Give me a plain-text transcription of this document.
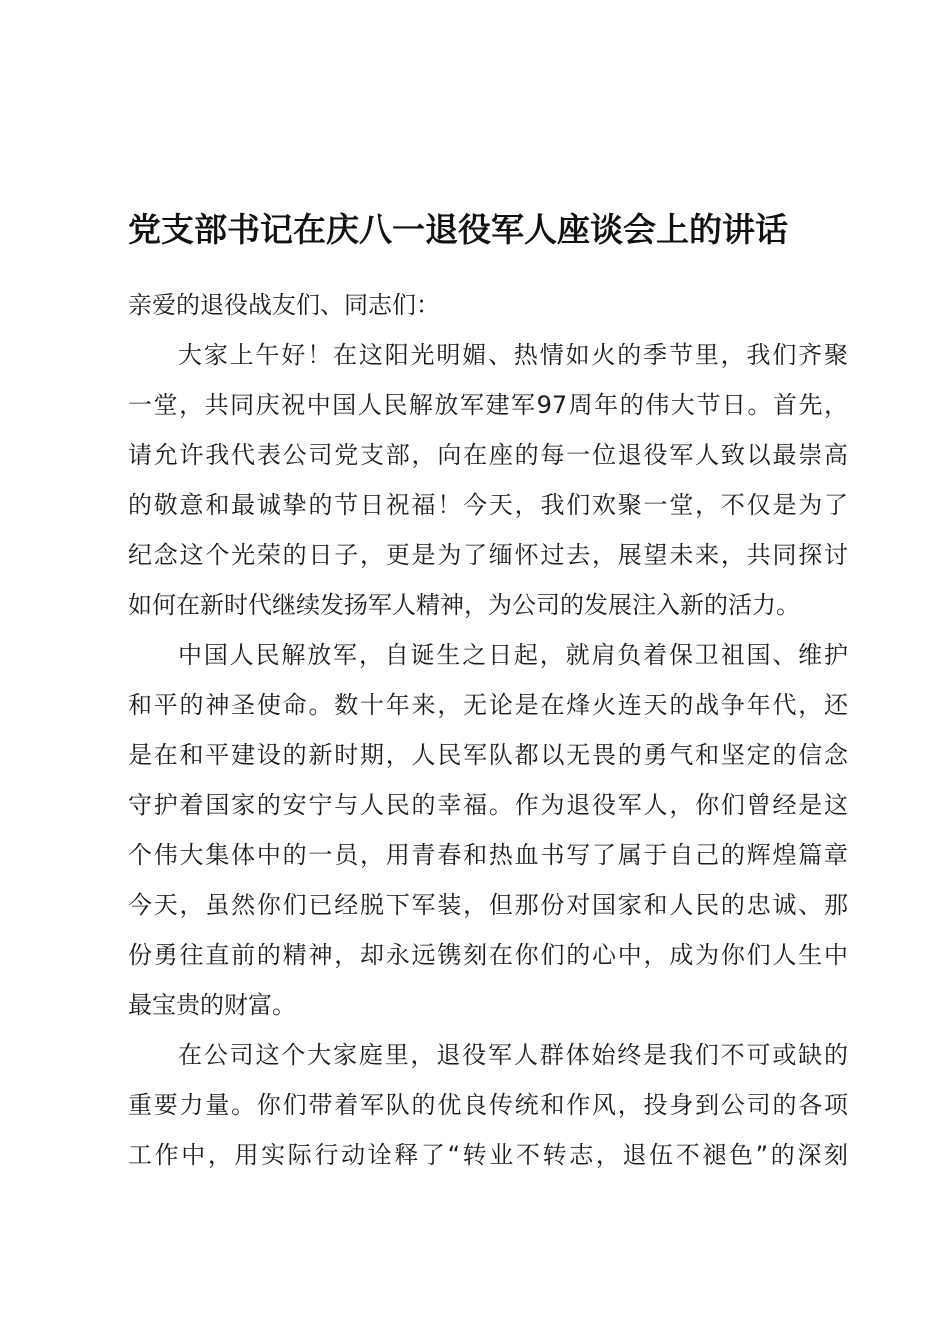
党支部书记在庆八一退役军人座谈会上的讲话
亲爱的退役战友们、同志们：
大家上午好！在这阳光明媚、热情如火的季节里，我们齐聚
一堂，共同庆祝中国人民解放军建军97周年的伟大节日。首先，
请允许我代表公司党支部，向在座的每一位退役军人致以最崇高
的敬意和最诚挚的节日祝福！今天，我们欢聚一堂，不仅是为了
纪念这个光荣的日子，更是为了缅怀过去，展望未来，共同探讨
如何在新时代继续发扬军人精神，为公司的发展注入新的活力。
中国人民解放军，自诞生之日起，就肩负着保卫祖国、维护
和平的神圣使命。数十年来，无论是在烽火连天的战争年代，还
是在和平建设的新时期，人民军队都以无畏的勇气和坚定的信念
守护着国家的安宁与人民的幸福。作为退役军人，你们曾经是这
个伟大集体中的一员，用青春和热血书写了属于自己的辉煌篇章
今天，虽然你们已经脱下军装，但那份对国家和人民的忠诚、那
份勇往直前的精神，却永远镌刻在你们的心中，成为你们人生中
最宝贵的财富。
在公司这个大家庭里，退役军人群体始终是我们不可或缺的
重要力量。你们带着军队的优良传统和作风，投身到公司的各项
工作中，用实际行动诠释了“转业不转志，退伍不褪色”的深刻
